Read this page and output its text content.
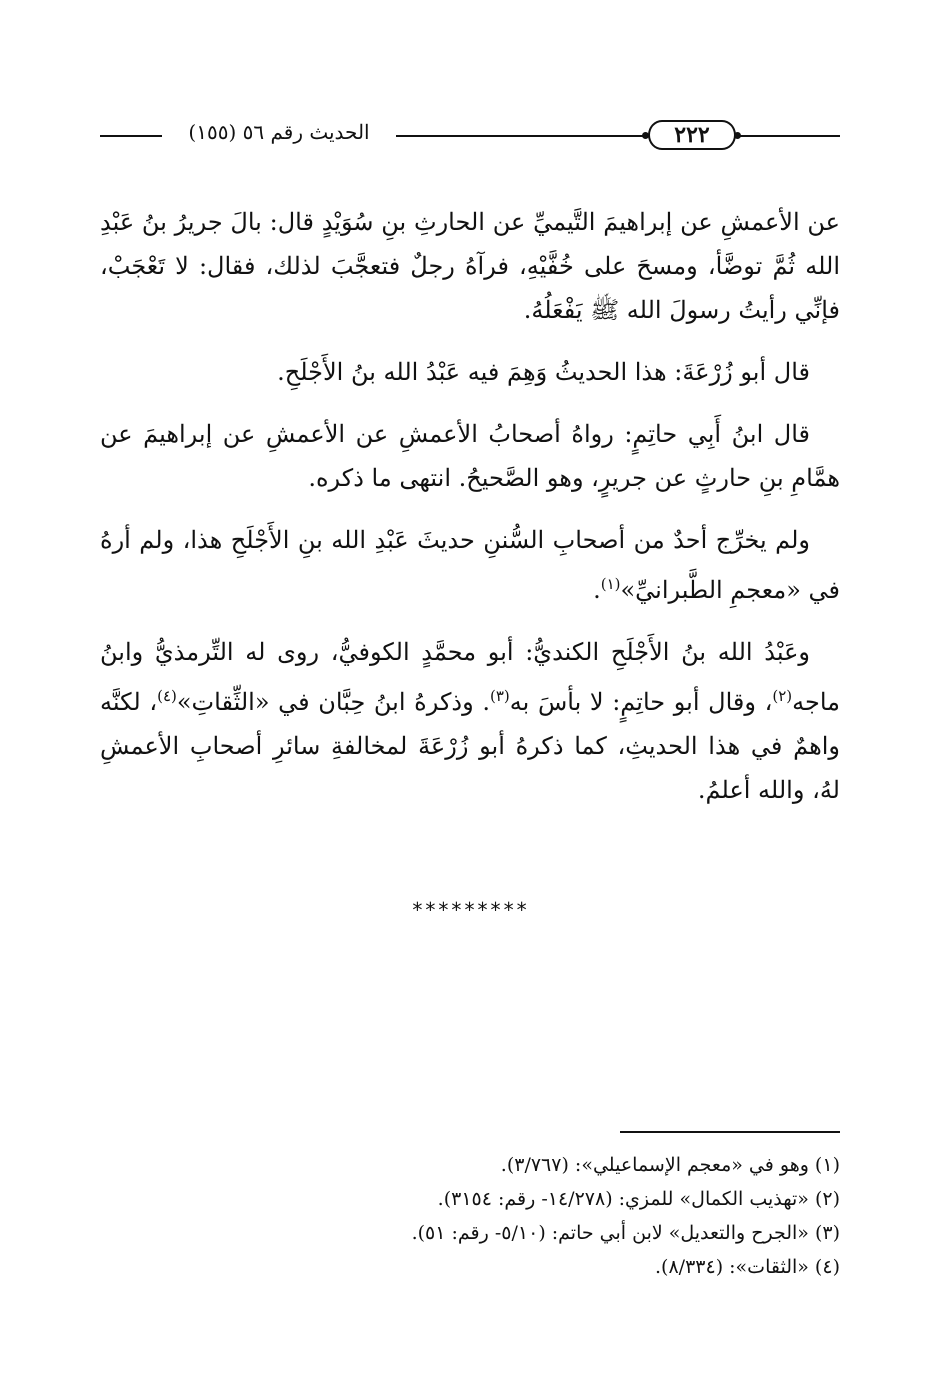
الحديث رقم ٥٦ (١٥٥)	٢٢٢

عن الأعمشِ عن إبراهيمَ التَّيميِّ عن الحارثِ بنِ سُوَيْدٍ قال: بالَ جريرُ بنُ عَبْدِ الله ثُمَّ توضَّأ، ومسحَ على خُفَّيْهِ، فرآهُ رجلٌ فتعجَّبَ لذلك، فقال: لا تَعْجَبْ، فإنِّي رأيتُ رسولَ الله ﷺ يَفْعَلُهُ.

قال أبو زُرْعَةَ: هذا الحديثُ وَهِمَ فيه عَبْدُ الله بنُ الأَجْلَحِ.

قال ابنُ أَبِي حاتِمٍ: رواهُ أصحابُ الأعمشِ عن الأعمشِ عن إبراهيمَ عن همَّامِ بنِ حارثٍ عن جريرٍ، وهو الصَّحيحُ. انتهى ما ذكره.

ولم يخرِّج أحدٌ من أصحابِ السُّننِ حديثَ عَبْدِ الله بنِ الأَجْلَحِ هذا، ولم أرهُ في «معجمِ الطَّبرانيِّ»$^{(١)}$.

وعَبْدُ الله بنُ الأَجْلَحِ الكنديُّ: أبو محمَّدٍ الكوفيُّ، روى له التِّرمذيُّ وابنُ ماجه$^{(٢)}$، وقال أبو حاتِمٍ: لا بأسَ به$^{(٣)}$. وذكرهُ ابنُ حِبَّان في «الثِّقاتِ»$^{(٤)}$، لكنَّه واهمٌ في هذا الحديثِ، كما ذكرهُ أبو زُرْعَةَ لمخالفةِ سائرِ أصحابِ الأعمشِ لهُ، والله أعلمُ.

*********
(١) وهو في «معجم الإسماعيلي»: (٣/٧٦٧).
(٢) «تهذيب الكمال» للمزي: (١٤/٢٧٨- رقم: ٣١٥٤).
(٣) «الجرح والتعديل» لابن أبي حاتم: (٥/١٠- رقم: ٥١).
(٤) «الثقات»: (٨/٣٣٤).
